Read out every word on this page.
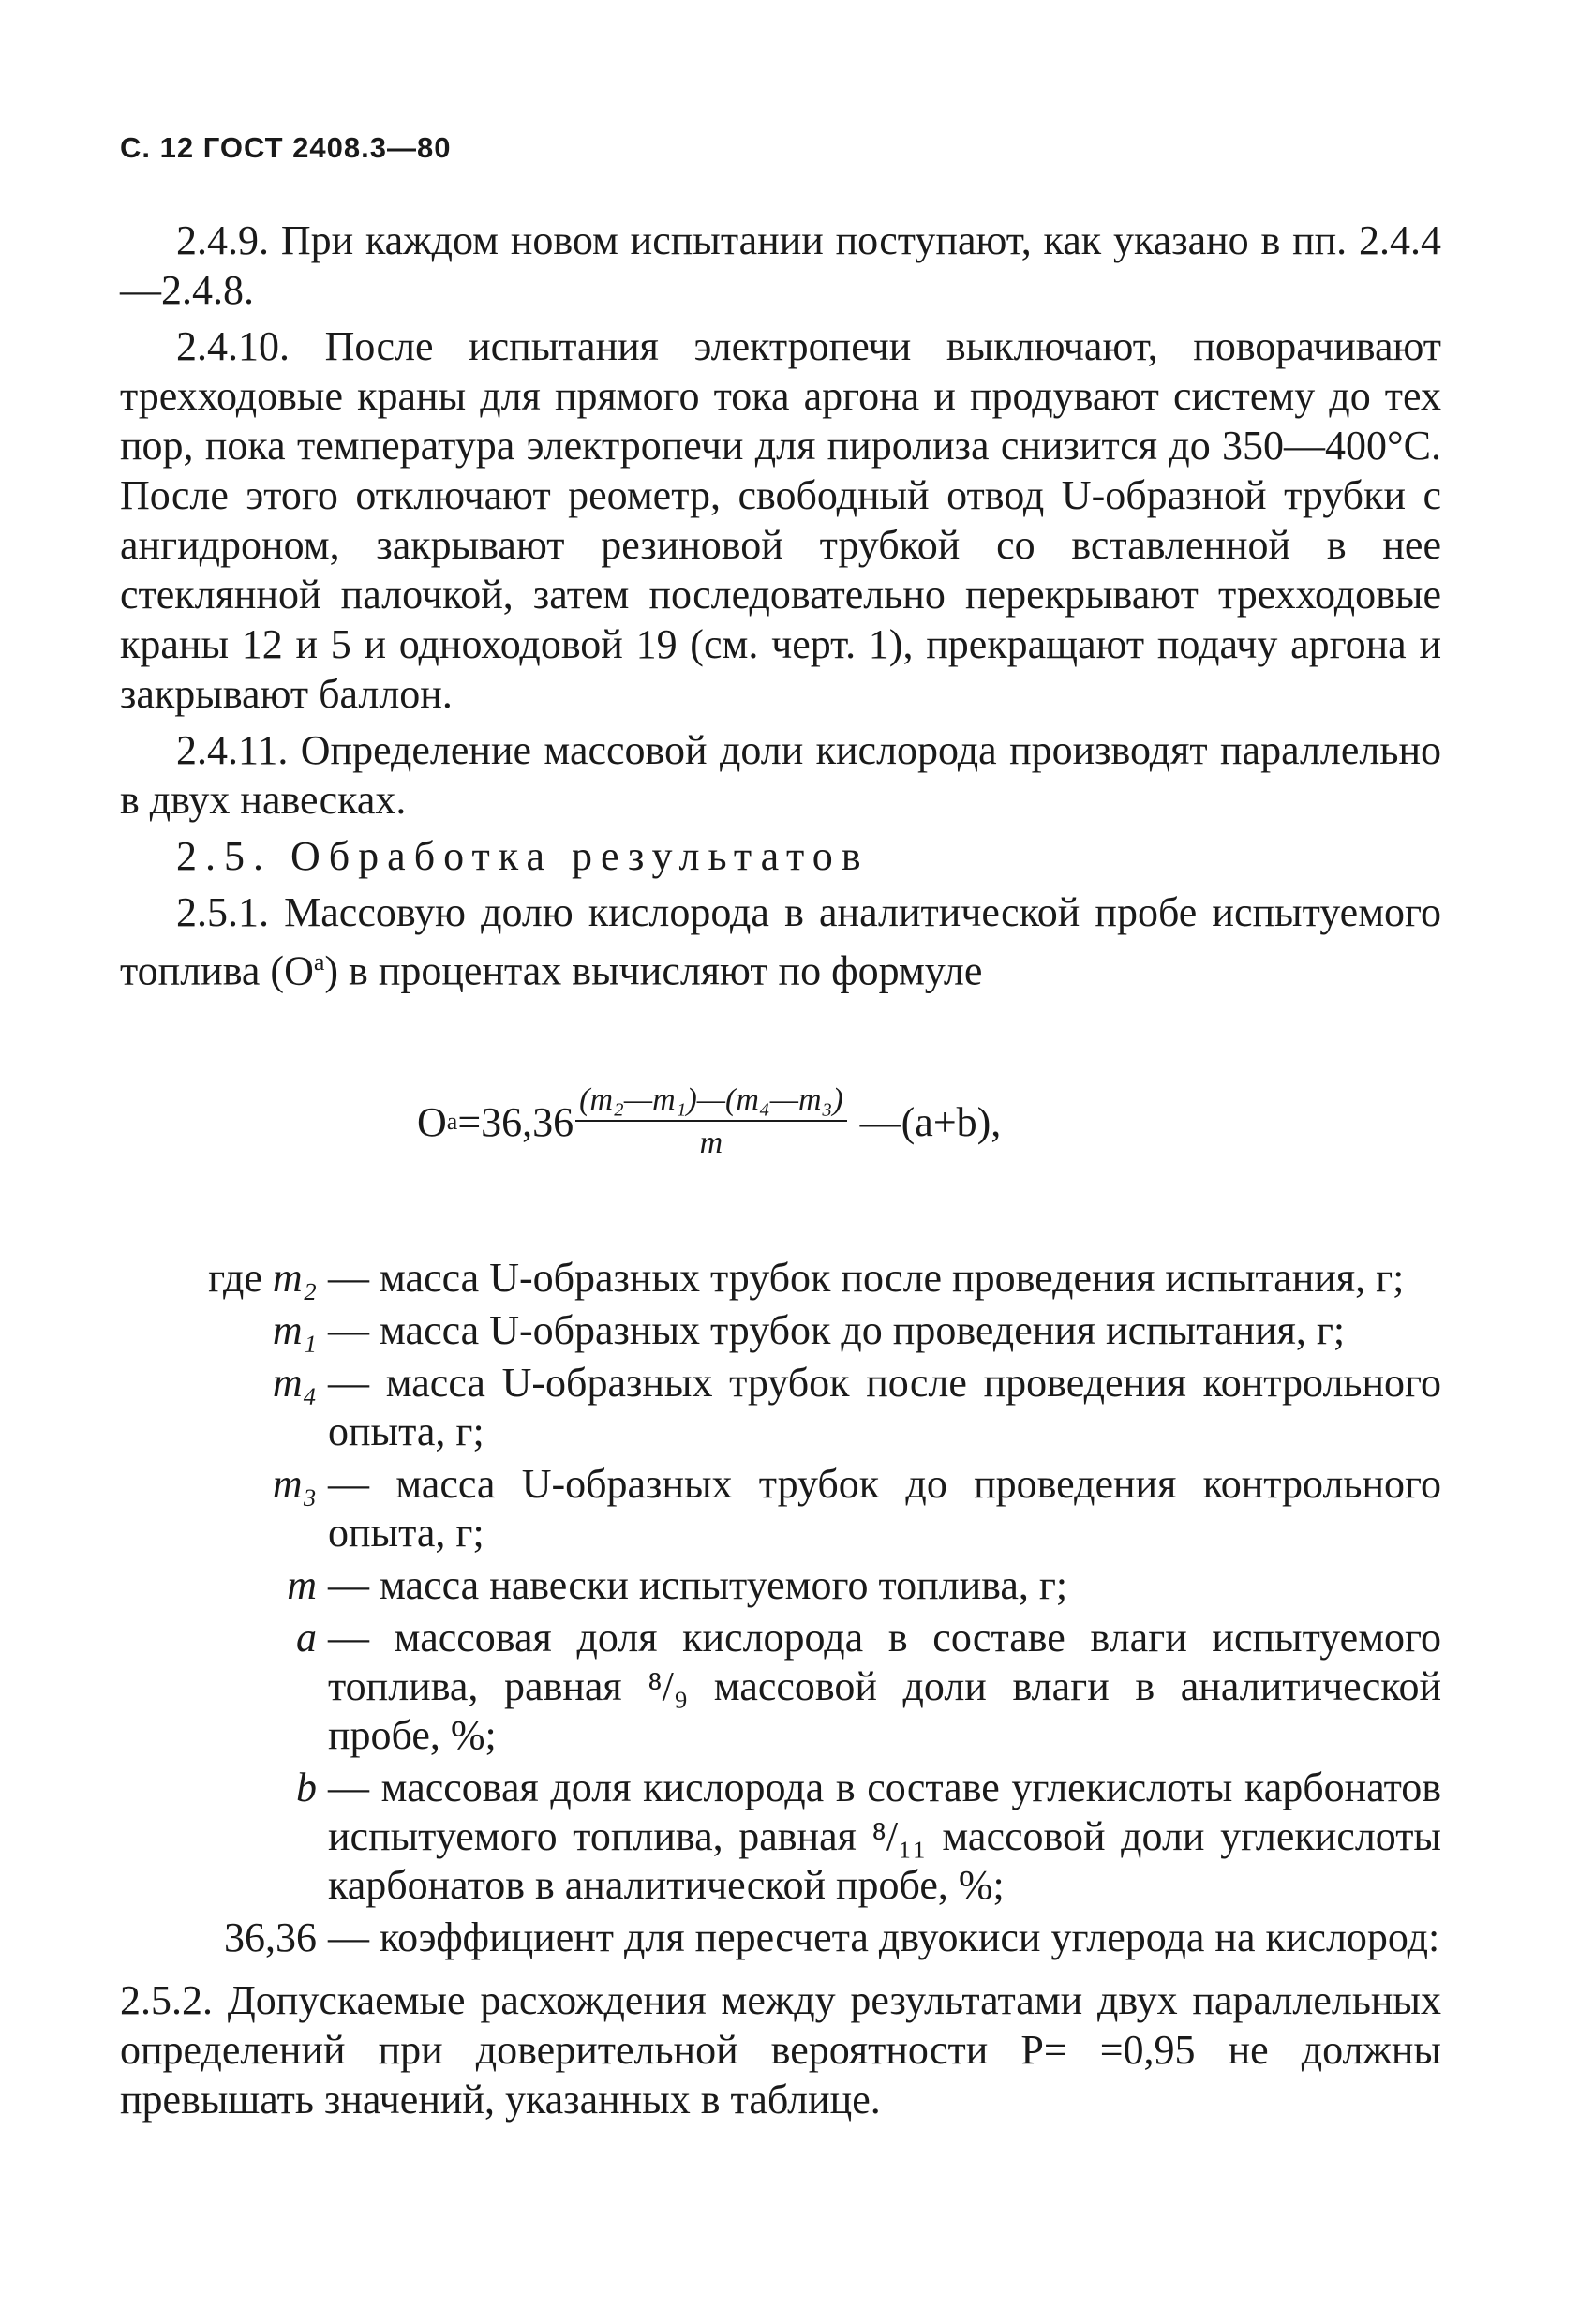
С. 12 ГОСТ 2408.3—80

2.4.9. При каждом новом испытании поступают, как указано в пп. 2.4.4—2.4.8.

2.4.10. После испытания электропечи выключают, поворачивают трехходовые краны для прямого тока аргона и продувают систему до тех пор, пока температура электропечи для пиролиза снизится до 350—400°С. После этого отключают реометр, свободный отвод U-образной трубки с ангидроном, закрывают резиновой трубкой со вставленной в нее стеклянной палочкой, затем последовательно перекрывают трехходовые краны 12 и 5 и одноходовой 19 (см. черт. 1), прекращают подачу аргона и закрывают баллон.

2.4.11. Определение массовой доли кислорода производят параллельно в двух навесках.

2.5. Обработка результатов

2.5.1. Массовую долю кислорода в аналитической пробе испытуемого топлива $(O^a)$ в процентах вычисляют по формуле

O $a =36,36 \frac{\text{(m₂—m₁)—(m₄—m₃)}}{m}$ —(a+b),
где m₂ — масса U-образных трубок после проведения испытания, г;
m₁ — масса U-образных трубок до проведения испытания, г;
m₄ — масса U-образных трубок после проведения контрольного опыта, г;
m₃ — масса U-образных трубок до проведения контрольного опыта, г;
m — масса навески испытуемого топлива, г;
a — массовая доля кислорода в составе влаги испытуемого топлива, равная ⁸/₉ массовой доли влаги в аналитической пробе, %;
b — массовая доля кислорода в составе углекислоты карбонатов испытуемого топлива, равная ⁸/₁₁ массовой доли углекислоты карбонатов в аналитической пробе, %;
36,36 — коэффициент для пересчета двуокиси углерода на кислород:

2.5.2. Допускаемые расхождения между результатами двух параллельных определений при доверительной вероятности P= =0,95 не должны превышать значений, указанных в таблице.
